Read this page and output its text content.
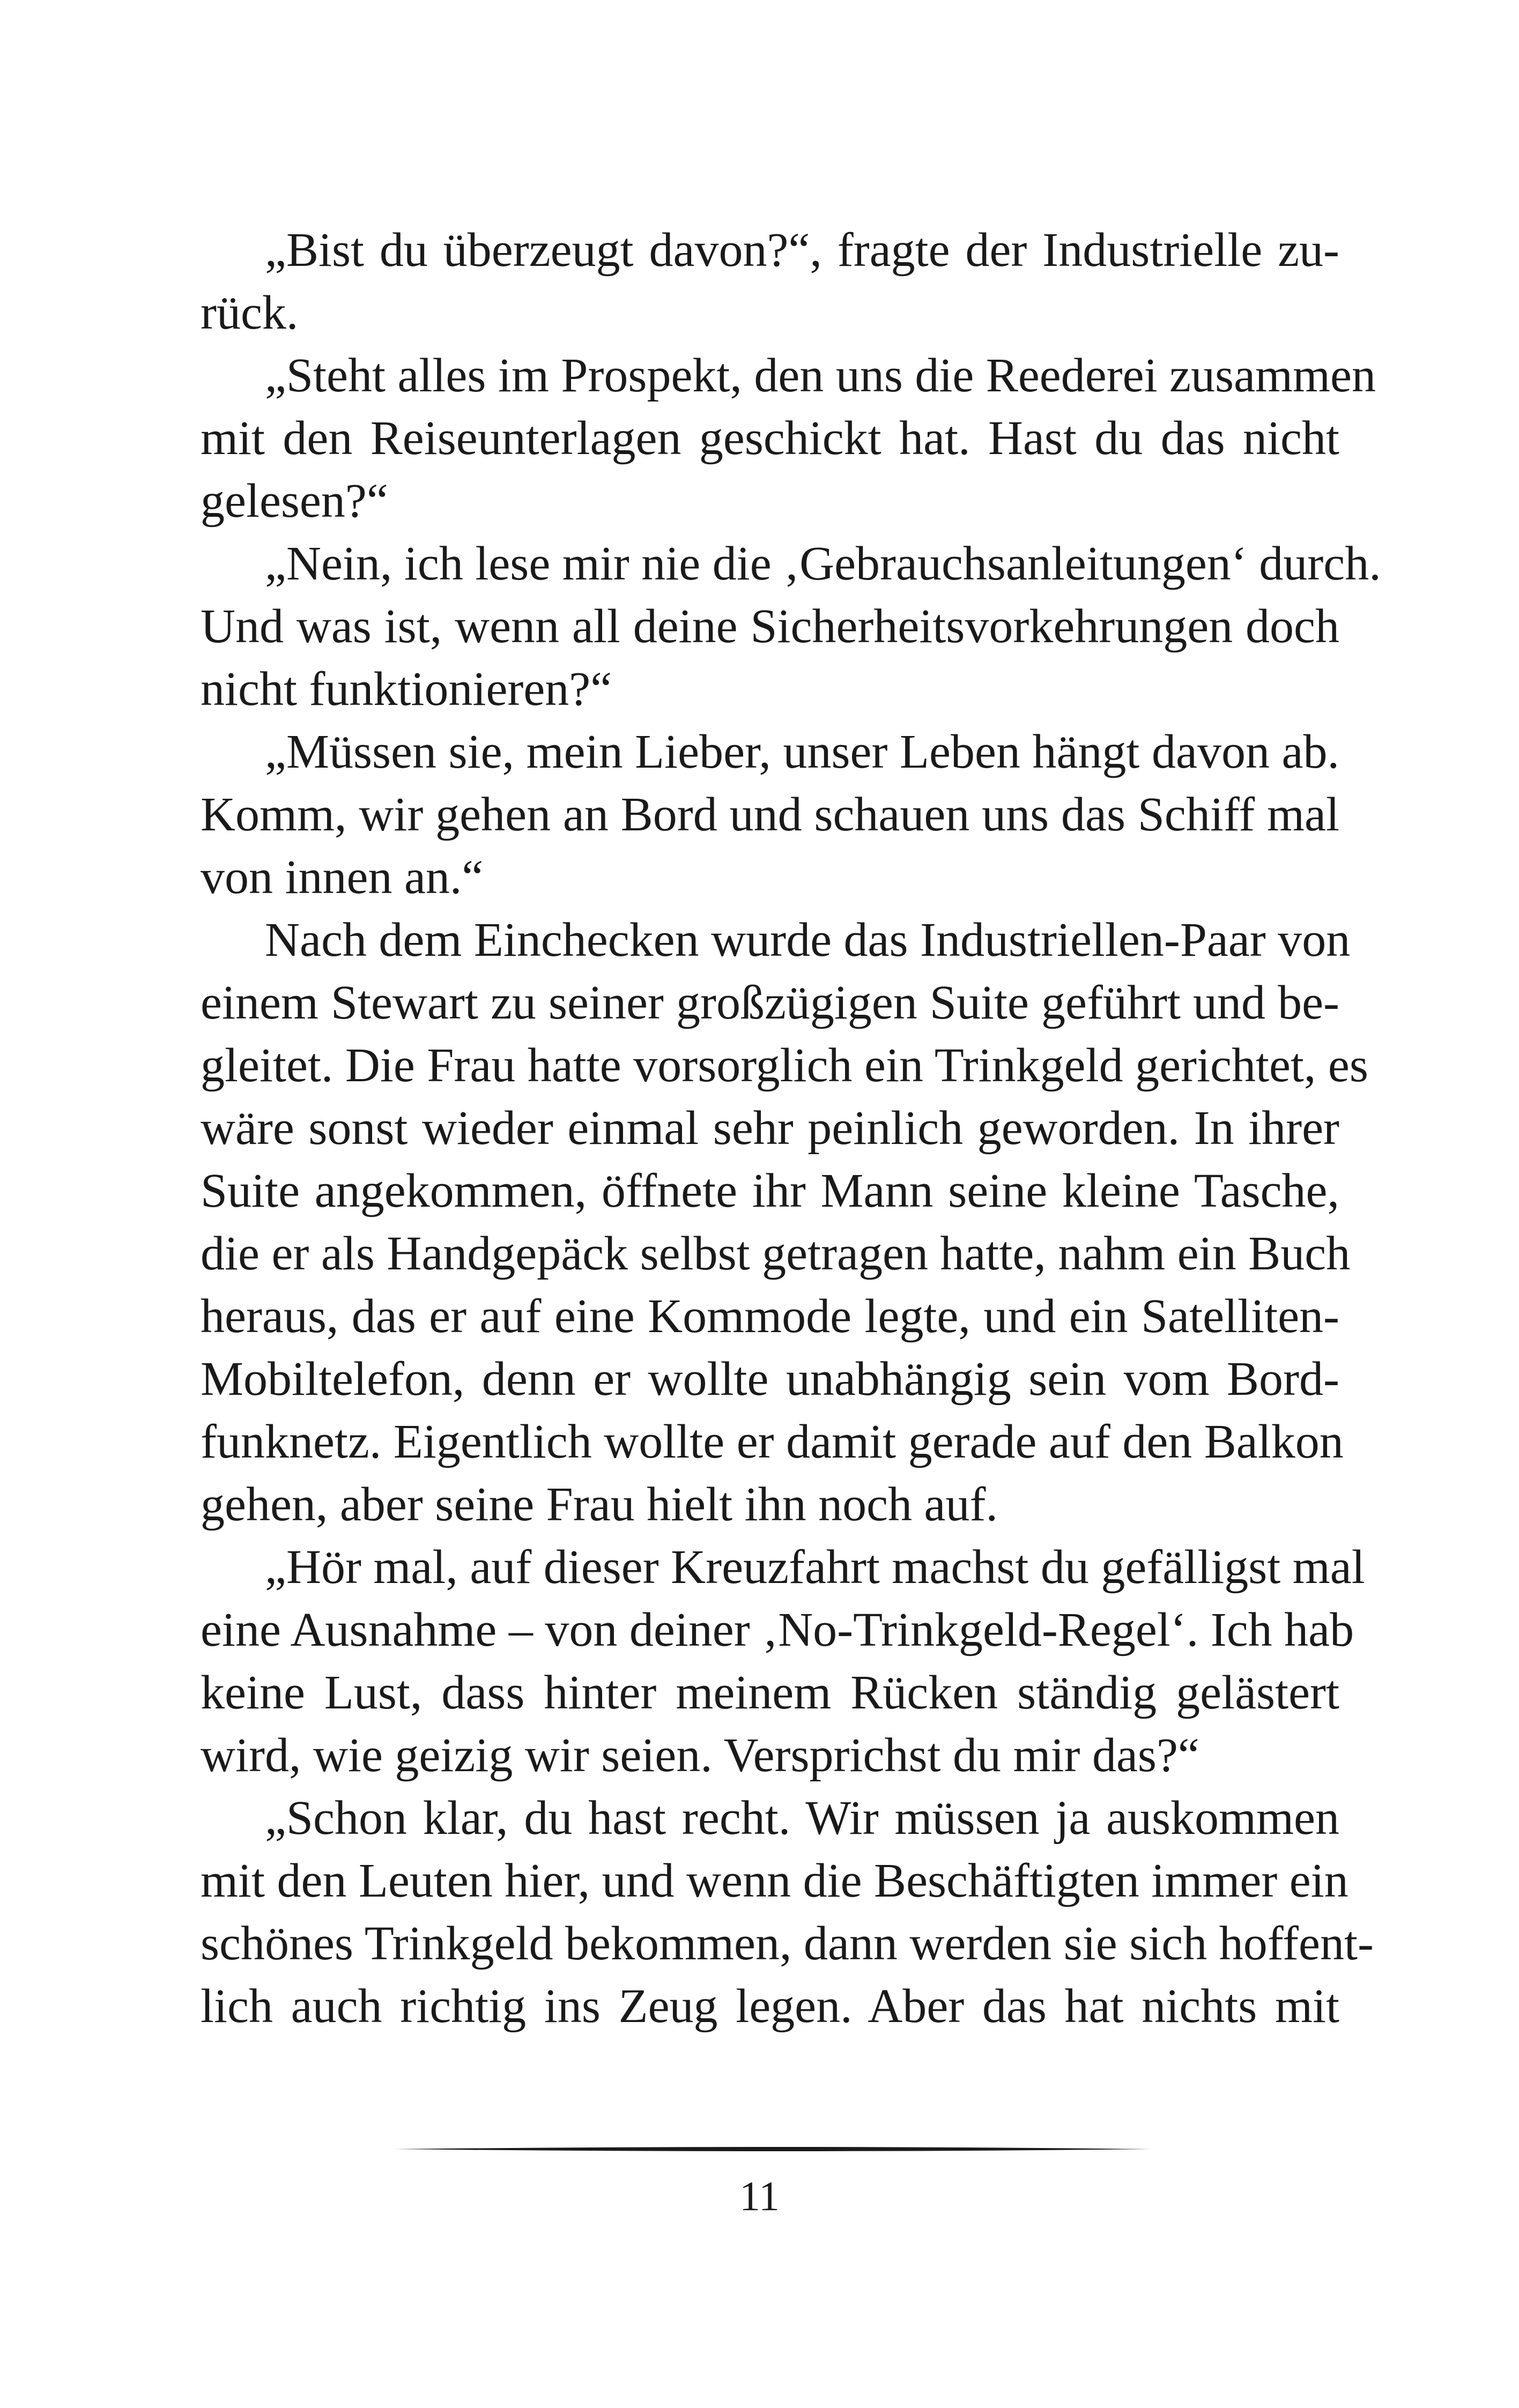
„Bist du überzeugt davon?“, fragte der Industrielle zu-
rück.
„Steht alles im Prospekt, den uns die Reederei zusammen
mit den Reiseunterlagen geschickt hat. Hast du das nicht
gelesen?“
„Nein, ich lese mir nie die ‚Gebrauchsanleitungen‘ durch.
Und was ist, wenn all deine Sicherheitsvorkehrungen doch
nicht funktionieren?“
„Müssen sie, mein Lieber, unser Leben hängt davon ab.
Komm, wir gehen an Bord und schauen uns das Schiff mal
von innen an.“
Nach dem Einchecken wurde das Industriellen-Paar von
einem Stewart zu seiner großzügigen Suite geführt und be-
gleitet. Die Frau hatte vorsorglich ein Trinkgeld gerichtet, es
wäre sonst wieder einmal sehr peinlich geworden. In ihrer
Suite angekommen, öffnete ihr Mann seine kleine Tasche,
die er als Handgepäck selbst getragen hatte, nahm ein Buch
heraus, das er auf eine Kommode legte, und ein Satelliten-
Mobiltelefon, denn er wollte unabhängig sein vom Bord-
funknetz. Eigentlich wollte er damit gerade auf den Balkon
gehen, aber seine Frau hielt ihn noch auf.
„Hör mal, auf dieser Kreuzfahrt machst du gefälligst mal
eine Ausnahme – von deiner ‚No-Trinkgeld-Regel‘. Ich hab
keine Lust, dass hinter meinem Rücken ständig gelästert
wird, wie geizig wir seien. Versprichst du mir das?“
„Schon klar, du hast recht. Wir müssen ja auskommen
mit den Leuten hier, und wenn die Beschäftigten immer ein
schönes Trinkgeld bekommen, dann werden sie sich hoffent-
lich auch richtig ins Zeug legen. Aber das hat nichts mit
11
